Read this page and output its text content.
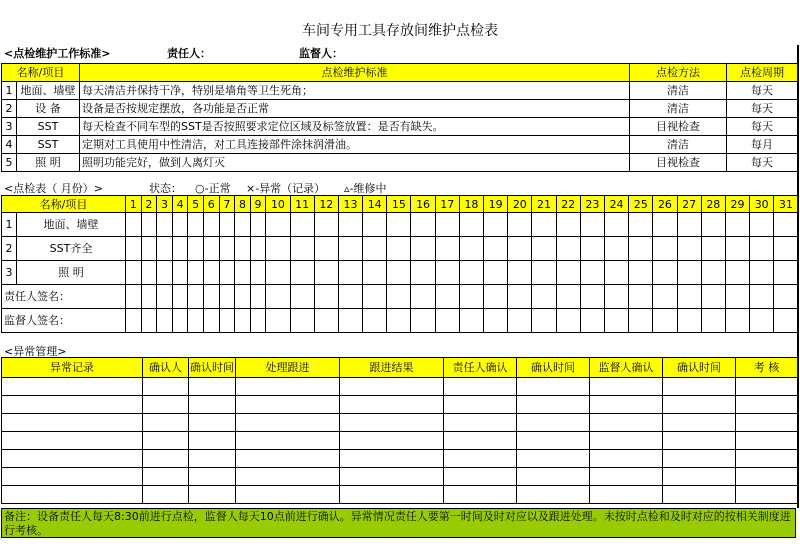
车间专用工具存放间维护点检表
<点检维护工作标准>	责任人：	监督人：
名称/项目		点检维护标准	点检方法	点检周期
1	地面、墙壁	每天清洁并保持干净，特别是墙角等卫生死角；	清洁	每天
2	设 备	设备是否按规定摆放，各功能是否正常	清洁	每天
3	SST	每天检查不同车型的SST是否按照要求定位区域及标签放置：是否有缺失。	目视检查	每天
4	SST	定期对工具使用中性清洁，对工具连接部件涂抹润滑油。	清洁	每月
5	照 明	照明功能完好，做到人离灯灭	目视检查	每天
<点检表（ 月份）>	状态： ○-正常 ×-异常（记录） ▵-维修中
名称/项目		1	2	3	4	5	6	7	8	9	10	11	12	13	14	15	16	17	18	19	20	21	22	23	24	25	26	27	28	29	30	31
1	地面、墙壁																															
2	SST齐全																															
3	照 明																															
责任人签名：																																
监督人签名：																																
<异常管理>
异常记录	确认人	确认时间	处理跟进	跟进结果	责任人确认	确认时间	监督人确认	确认时间	考 核

备注：设备责任人每天8:30前进行点检，监督人每天10点前进行确认。异常情况责任人要第一时间及时对应以及跟进处理。未按时点检和及时对应的按相关制度进行考核。
